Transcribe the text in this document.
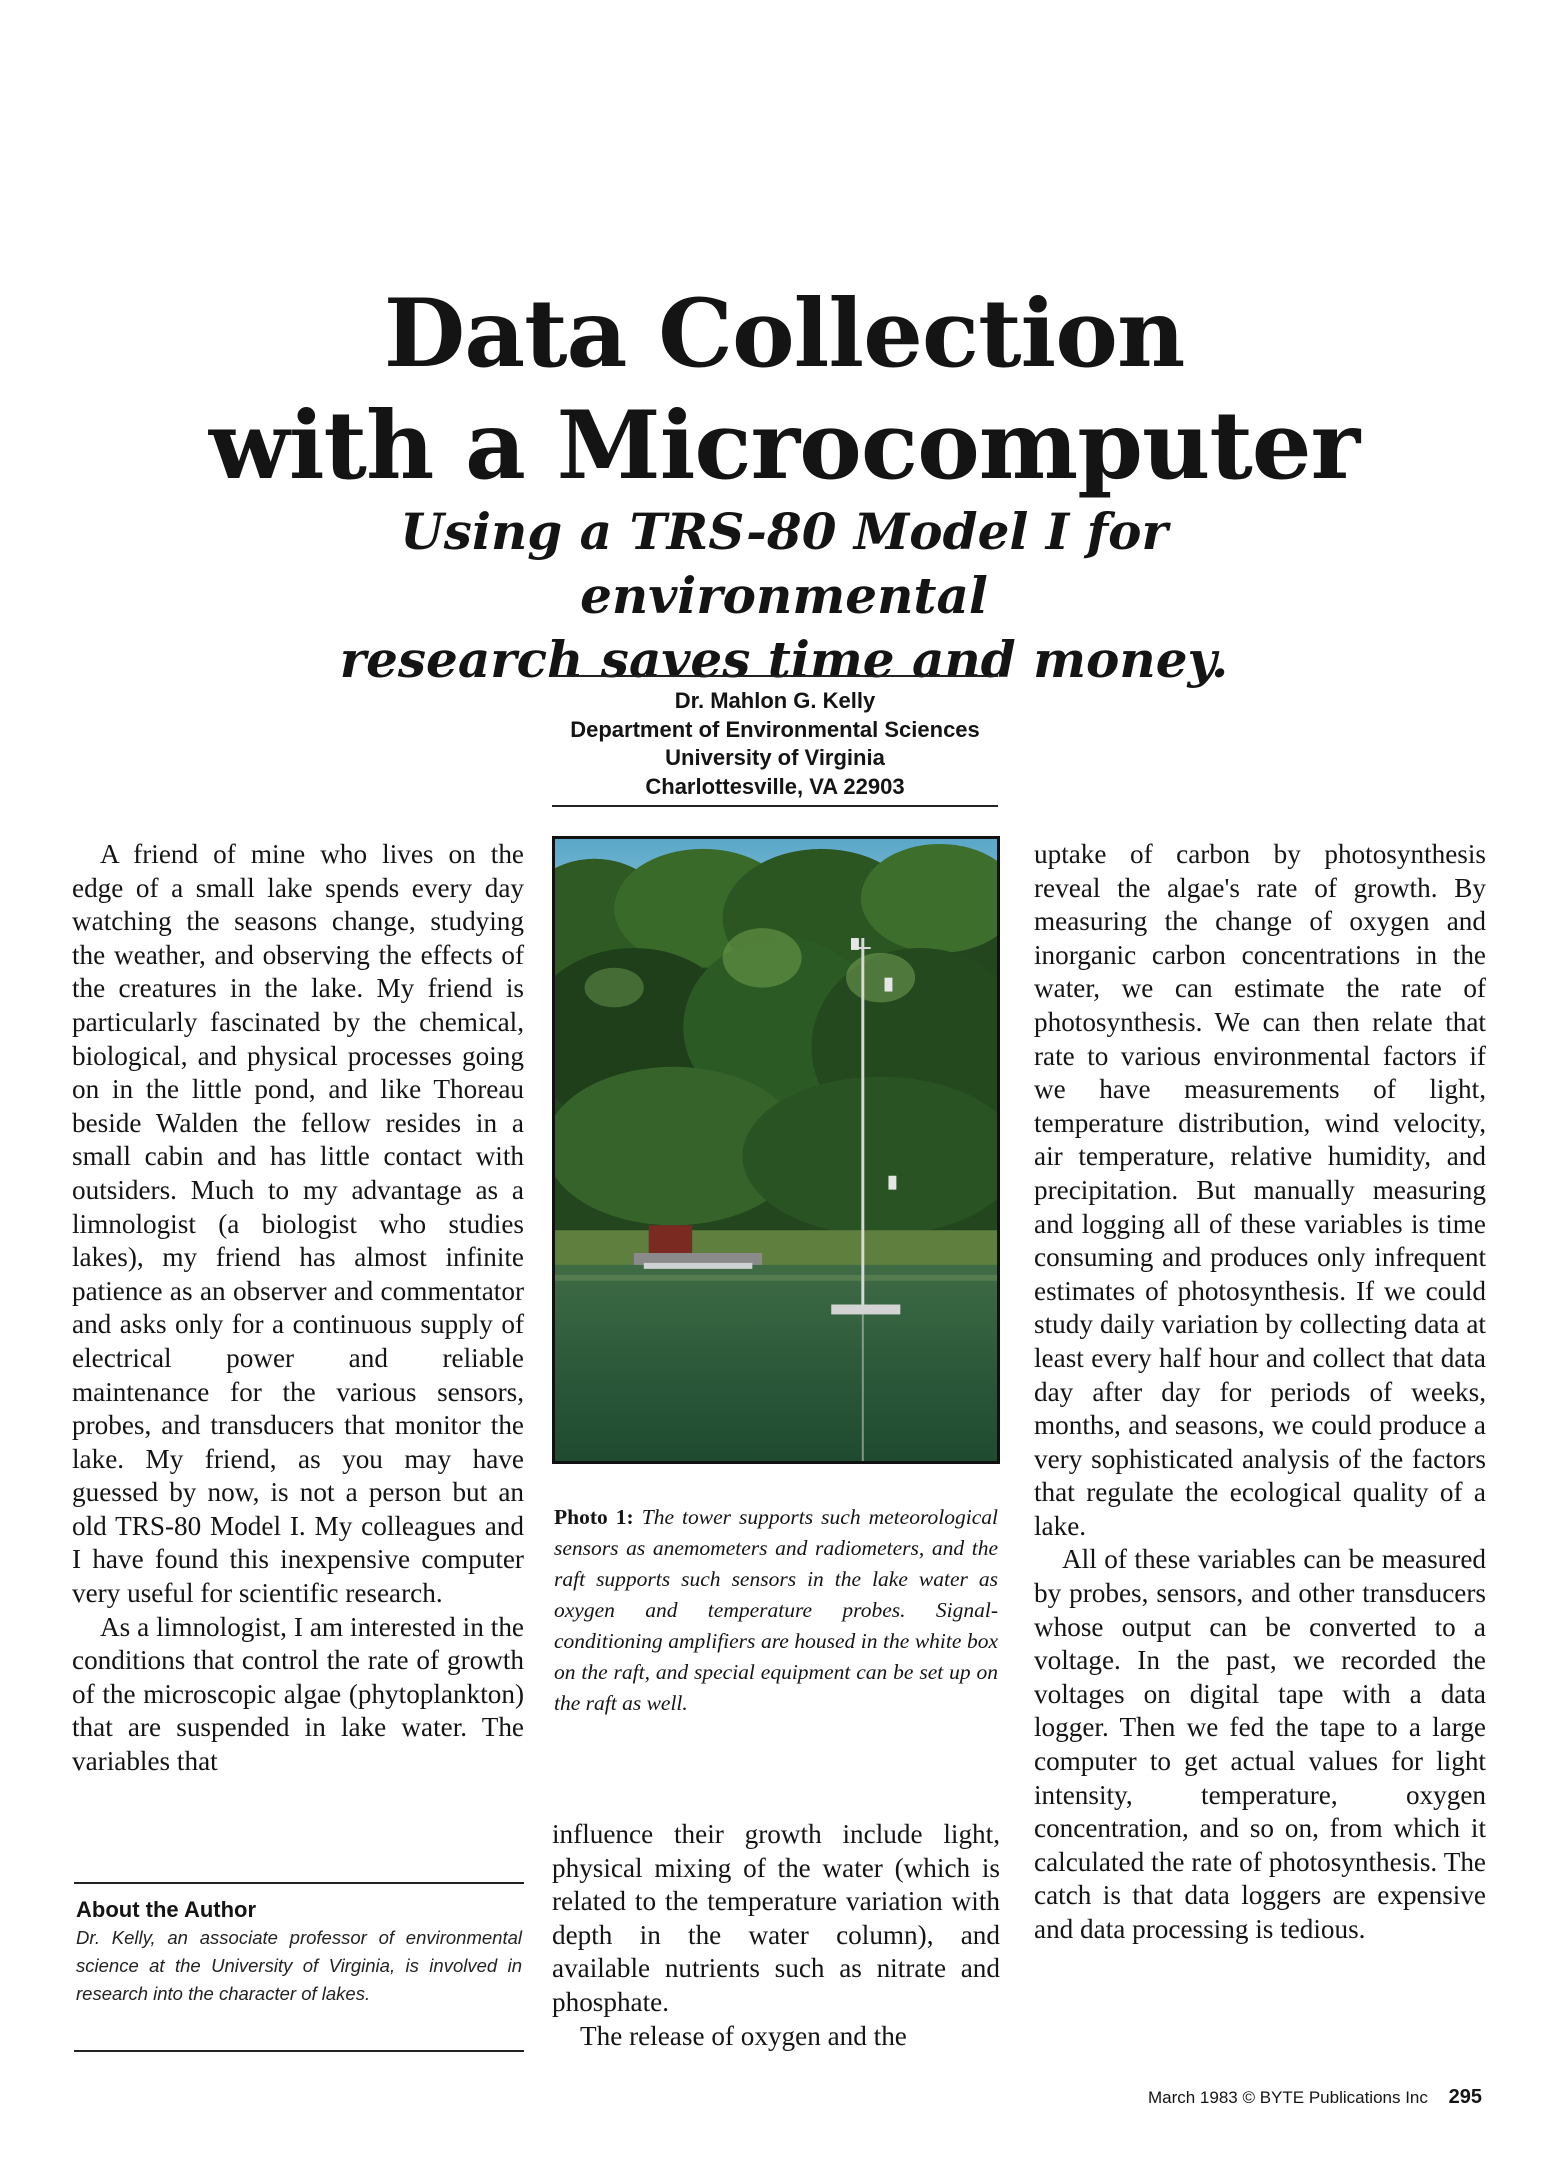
Data Collection
with a Microcomputer
Using a TRS-80 Model I for environmental
research saves time and money.
Dr. Mahlon G. Kelly
Department of Environmental Sciences
University of Virginia
Charlottesville, VA 22903

A friend of mine who lives on the edge of a small lake spends every day watching the seasons change, studying the weather, and observing the effects of the creatures in the lake. My friend is particularly fascinated by the chemical, biological, and physical processes going on in the little pond, and like Thoreau beside Walden the fellow resides in a small cabin and has little contact with outsiders. Much to my advantage as a limnologist (a biologist who studies lakes), my friend has almost infinite patience as an observer and commentator and asks only for a continuous supply of electrical power and reliable maintenance for the various sensors, probes, and transducers that monitor the lake. My friend, as you may have guessed by now, is not a person but an old TRS-80 Model I. My colleagues and I have found this inexpensive computer very useful for scientific research.

As a limnologist, I am interested in the conditions that control the rate of growth of the microscopic algae (phytoplankton) that are suspended in lake water. The variables that

Photo 1: The tower supports such meteorological sensors as anemometers and radiometers, and the raft supports such sensors in the lake water as oxygen and temperature probes. Signal-conditioning amplifiers are housed in the white box on the raft, and special equipment can be set up on the raft as well.

influence their growth include light, physical mixing of the water (which is related to the temperature variation with depth in the water column), and available nutrients such as nitrate and phosphate.

The release of oxygen and the

uptake of carbon by photosynthesis reveal the algae's rate of growth. By measuring the change of oxygen and inorganic carbon concentrations in the water, we can estimate the rate of photosynthesis. We can then relate that rate to various environmental factors if we have measurements of light, temperature distribution, wind velocity, air temperature, relative humidity, and precipitation. But manually measuring and logging all of these variables is time consuming and produces only infrequent estimates of photosynthesis. If we could study daily variation by collecting data at least every half hour and collect that data day after day for periods of weeks, months, and seasons, we could produce a very sophisticated analysis of the factors that regulate the ecological quality of a lake.

All of these variables can be measured by probes, sensors, and other transducers whose output can be converted to a voltage. In the past, we recorded the voltages on digital tape with a data logger. Then we fed the tape to a large computer to get actual values for light intensity, temperature, oxygen concentration, and so on, from which it calculated the rate of photosynthesis. The catch is that data loggers are expensive and data processing is tedious.

About the Author
Dr. Kelly, an associate professor of environmental science at the University of Virginia, is involved in research into the character of lakes.
March 1983 © BYTE Publications Inc 295
